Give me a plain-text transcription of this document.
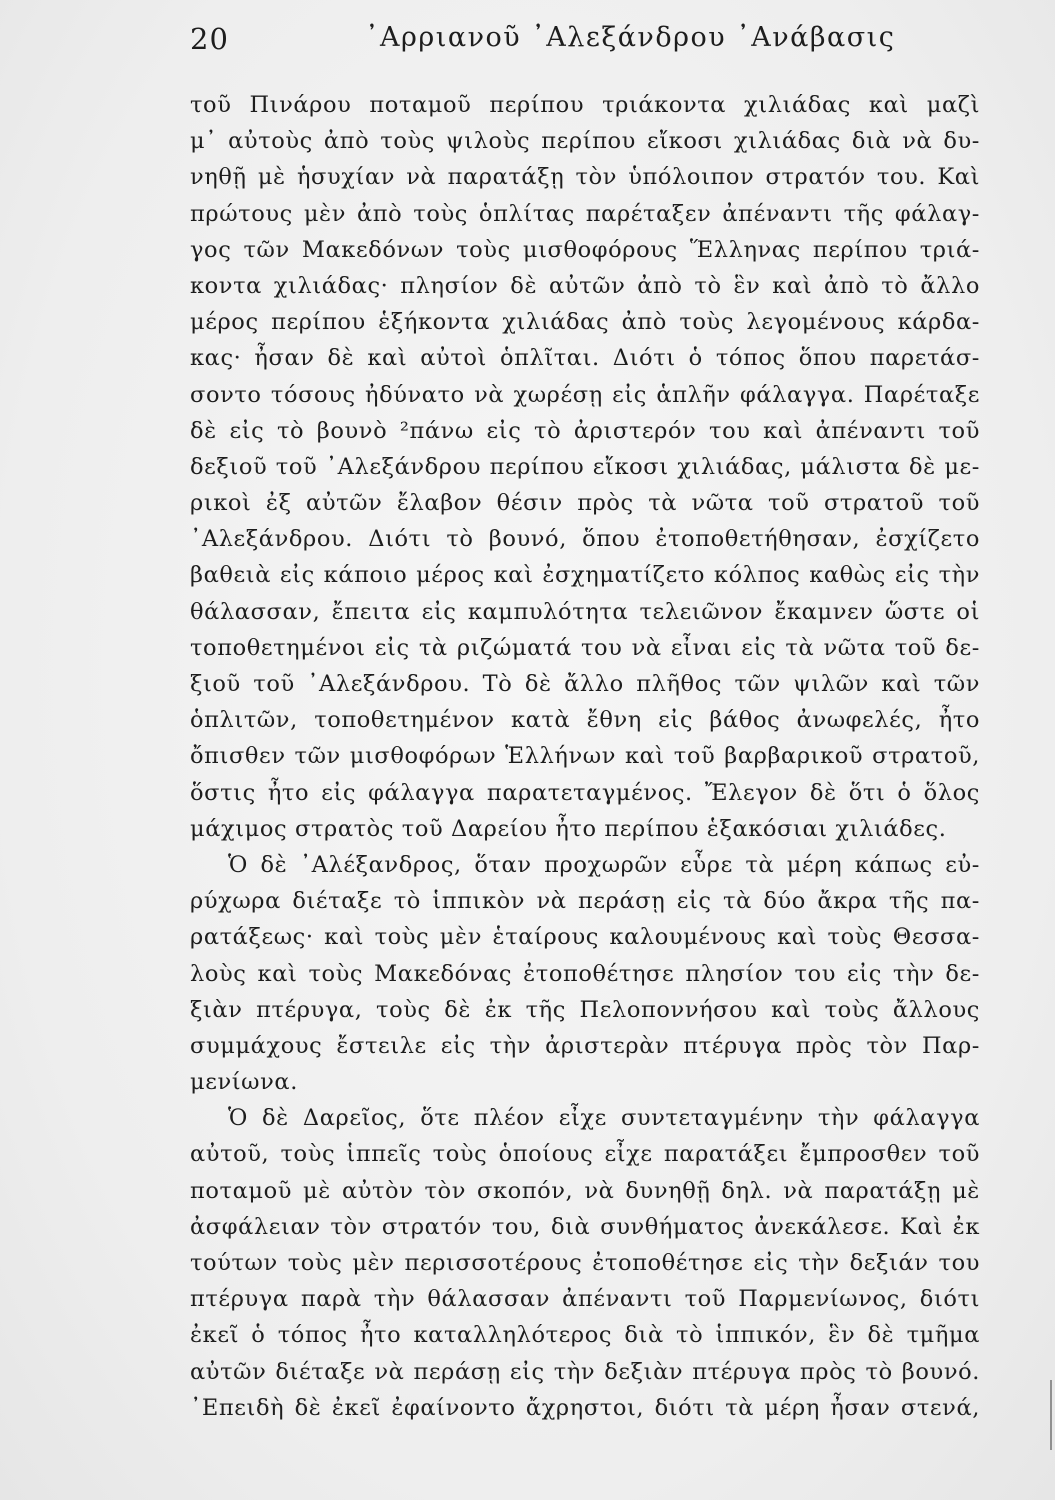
20	᾿Αρριανοῦ ᾿Αλεξάνδρου ᾿Ανάβασις
τοῦ Πινάρου ποταμοῦ περίπου τριάκοντα χιλιάδας καὶ μαζὶ
μ᾿ αὐτοὺς ἀπὸ τοὺς ψιλοὺς περίπου εἴκοσι χιλιάδας διὰ νὰ δυ-
νηθῇ μὲ ἡσυχίαν νὰ παρατάξῃ τὸν ὑπόλοιπον στρατόν του. Καὶ
πρώτους μὲν ἀπὸ τοὺς ὁπλίτας παρέταξεν ἀπέναντι τῆς φάλαγ-
γος τῶν Μακεδόνων τοὺς μισθοφόρους Ἕλληνας περίπου τριά-
κοντα χιλιάδας· πλησίον δὲ αὐτῶν ἀπὸ τὸ ἓν καὶ ἀπὸ τὸ ἄλλο
μέρος περίπου ἑξήκοντα χιλιάδας ἀπὸ τοὺς λεγομένους κάρδα-
κας· ἦσαν δὲ καὶ αὐτοὶ ὁπλῖται. Διότι ὁ τόπος ὅπου παρετάσ-
σοντο τόσους ἠδύνατο νὰ χωρέσῃ εἰς ἁπλῆν φάλαγγα. Παρέταξε
δὲ εἰς τὸ βουνὸ ²πάνω εἰς τὸ ἀριστερόν του καὶ ἀπέναντι τοῦ
δεξιοῦ τοῦ ᾿Αλεξάνδρου περίπου εἴκοσι χιλιάδας, μάλιστα δὲ με-
ρικοὶ ἐξ αὐτῶν ἔλαβον θέσιν πρὸς τὰ νῶτα τοῦ στρατοῦ τοῦ
᾿Αλεξάνδρου. Διότι τὸ βουνό, ὅπου ἐτοποθετήθησαν, ἐσχίζετο
βαθειὰ εἰς κάποιο μέρος καὶ ἐσχηματίζετο κόλπος καθὼς εἰς τὴν
θάλασσαν, ἔπειτα εἰς καμπυλότητα τελειῶνον ἔκαμνεν ὥστε οἱ
τοποθετημένοι εἰς τὰ ριζώματά του νὰ εἶναι εἰς τὰ νῶτα τοῦ δε-
ξιοῦ τοῦ ᾿Αλεξάνδρου. Τὸ δὲ ἄλλο πλῆθος τῶν ψιλῶν καὶ τῶν
ὁπλιτῶν, τοποθετημένον κατὰ ἔθνη εἰς βάθος ἀνωφελές, ἦτο
ὄπισθεν τῶν μισθοφόρων Ἑλλήνων καὶ τοῦ βαρβαρικοῦ στρατοῦ,
ὅστις ἦτο εἰς φάλαγγα παρατεταγμένος. Ἔλεγον δὲ ὅτι ὁ ὅλος
μάχιμος στρατὸς τοῦ Δαρείου ἦτο περίπου ἑξακόσιαι χιλιάδες.
Ὁ δὲ ᾿Αλέξανδρος, ὅταν προχωρῶν εὗρε τὰ μέρη κάπως εὐ-
ρύχωρα διέταξε τὸ ἱππικὸν νὰ περάσῃ εἰς τὰ δύο ἄκρα τῆς πα-
ρατάξεως· καὶ τοὺς μὲν ἑταίρους καλουμένους καὶ τοὺς Θεσσα-
λοὺς καὶ τοὺς Μακεδόνας ἐτοποθέτησε πλησίον του εἰς τὴν δε-
ξιὰν πτέρυγα, τοὺς δὲ ἐκ τῆς Πελοποννήσου καὶ τοὺς ἄλλους
συμμάχους ἔστειλε εἰς τὴν ἀριστερὰν πτέρυγα πρὸς τὸν Παρ-
μενίωνα.
Ὁ δὲ Δαρεῖος, ὅτε πλέον εἶχε συντεταγμένην τὴν φάλαγγα
αὐτοῦ, τοὺς ἱππεῖς τοὺς ὁποίους εἶχε παρατάξει ἔμπροσθεν τοῦ
ποταμοῦ μὲ αὐτὸν τὸν σκοπόν, νὰ δυνηθῇ δηλ. νὰ παρατάξῃ μὲ
ἀσφάλειαν τὸν στρατόν του, διὰ συνθήματος ἀνεκάλεσε. Καὶ ἐκ
τούτων τοὺς μὲν περισσοτέρους ἐτοποθέτησε εἰς τὴν δεξιάν του
πτέρυγα παρὰ τὴν θάλασσαν ἀπέναντι τοῦ Παρμενίωνος, διότι
ἐκεῖ ὁ τόπος ἦτο καταλληλότερος διὰ τὸ ἱππικόν, ἓν δὲ τμῆμα
αὐτῶν διέταξε νὰ περάσῃ εἰς τὴν δεξιὰν πτέρυγα πρὸς τὸ βουνό.
᾿Επειδὴ δὲ ἐκεῖ ἐφαίνοντο ἄχρηστοι, διότι τὰ μέρη ἦσαν στενά,
